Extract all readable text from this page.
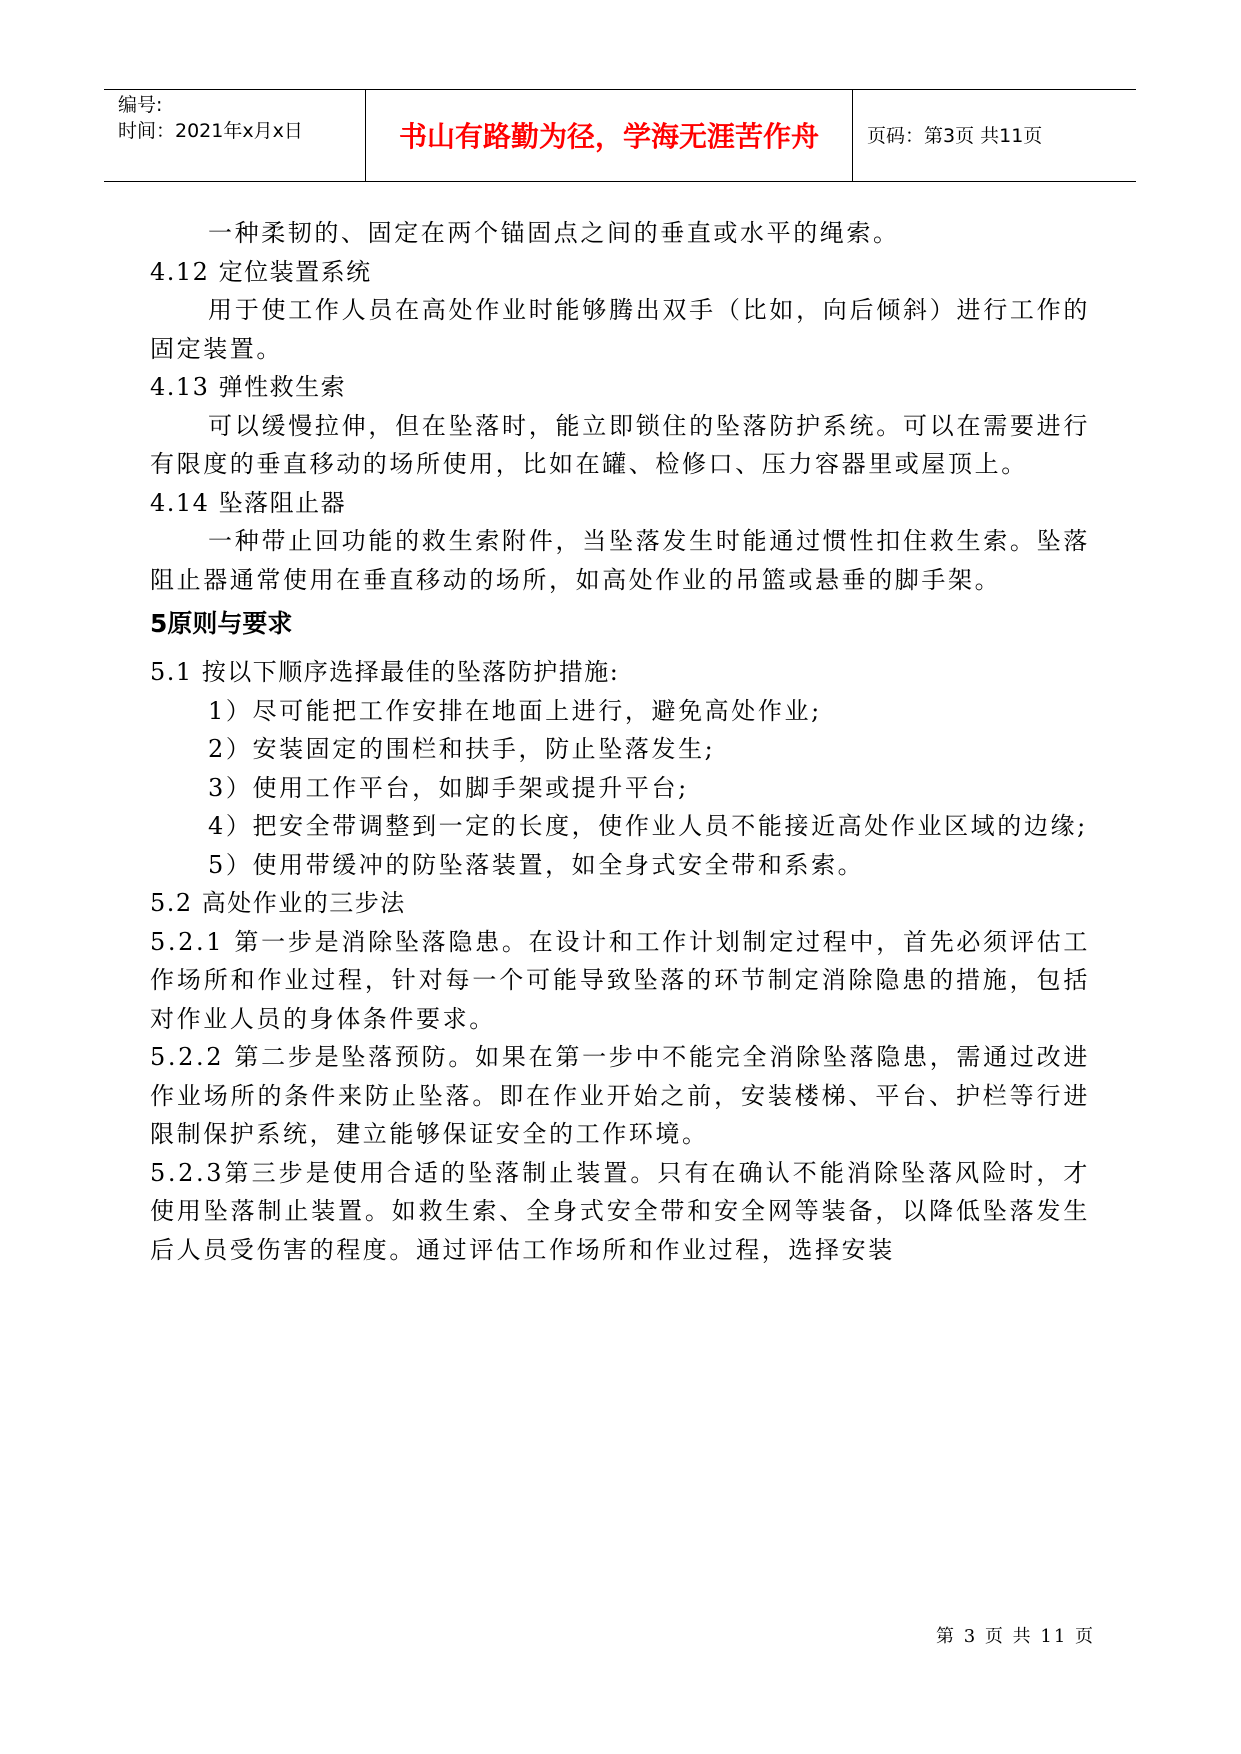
编号:
时间：2021年x月x日	书山有路勤为径，学海无涯苦作舟	页码：第3页 共11页

一种柔韧的、固定在两个锚固点之间的垂直或水平的绳索。

4.12 定位装置系统

用于使工作人员在高处作业时能够腾出双手（比如，向后倾斜）进行工作的固定装置。

4.13 弹性救生索

可以缓慢拉伸，但在坠落时，能立即锁住的坠落防护系统。可以在需要进行有限度的垂直移动的场所使用，比如在罐、检修口、压力容器里或屋顶上。

4.14 坠落阻止器

一种带止回功能的救生索附件，当坠落发生时能通过惯性扣住救生索。坠落阻止器通常使用在垂直移动的场所，如高处作业的吊篮或悬垂的脚手架。

5原则与要求

5.1 按以下顺序选择最佳的坠落防护措施:

1）尽可能把工作安排在地面上进行，避免高处作业;

2）安装固定的围栏和扶手，防止坠落发生;

3）使用工作平台，如脚手架或提升平台;

4）把安全带调整到一定的长度，使作业人员不能接近高处作业区域的边缘;

5）使用带缓冲的防坠落装置，如全身式安全带和系索。

5.2 高处作业的三步法

5.2.1 第一步是消除坠落隐患。在设计和工作计划制定过程中，首先必须评估工作场所和作业过程，针对每一个可能导致坠落的环节制定消除隐患的措施，包括对作业人员的身体条件要求。

5.2.2 第二步是坠落预防。如果在第一步中不能完全消除坠落隐患，需通过改进作业场所的条件来防止坠落。即在作业开始之前，安装楼梯、平台、护栏等行进限制保护系统，建立能够保证安全的工作环境。

5.2.3第三步是使用合适的坠落制止装置。只有在确认不能消除坠落风险时，才使用坠落制止装置。如救生索、全身式安全带和安全网等装备，以降低坠落发生后人员受伤害的程度。通过评估工作场所和作业过程，选择安装

第 3 页 共 11 页
